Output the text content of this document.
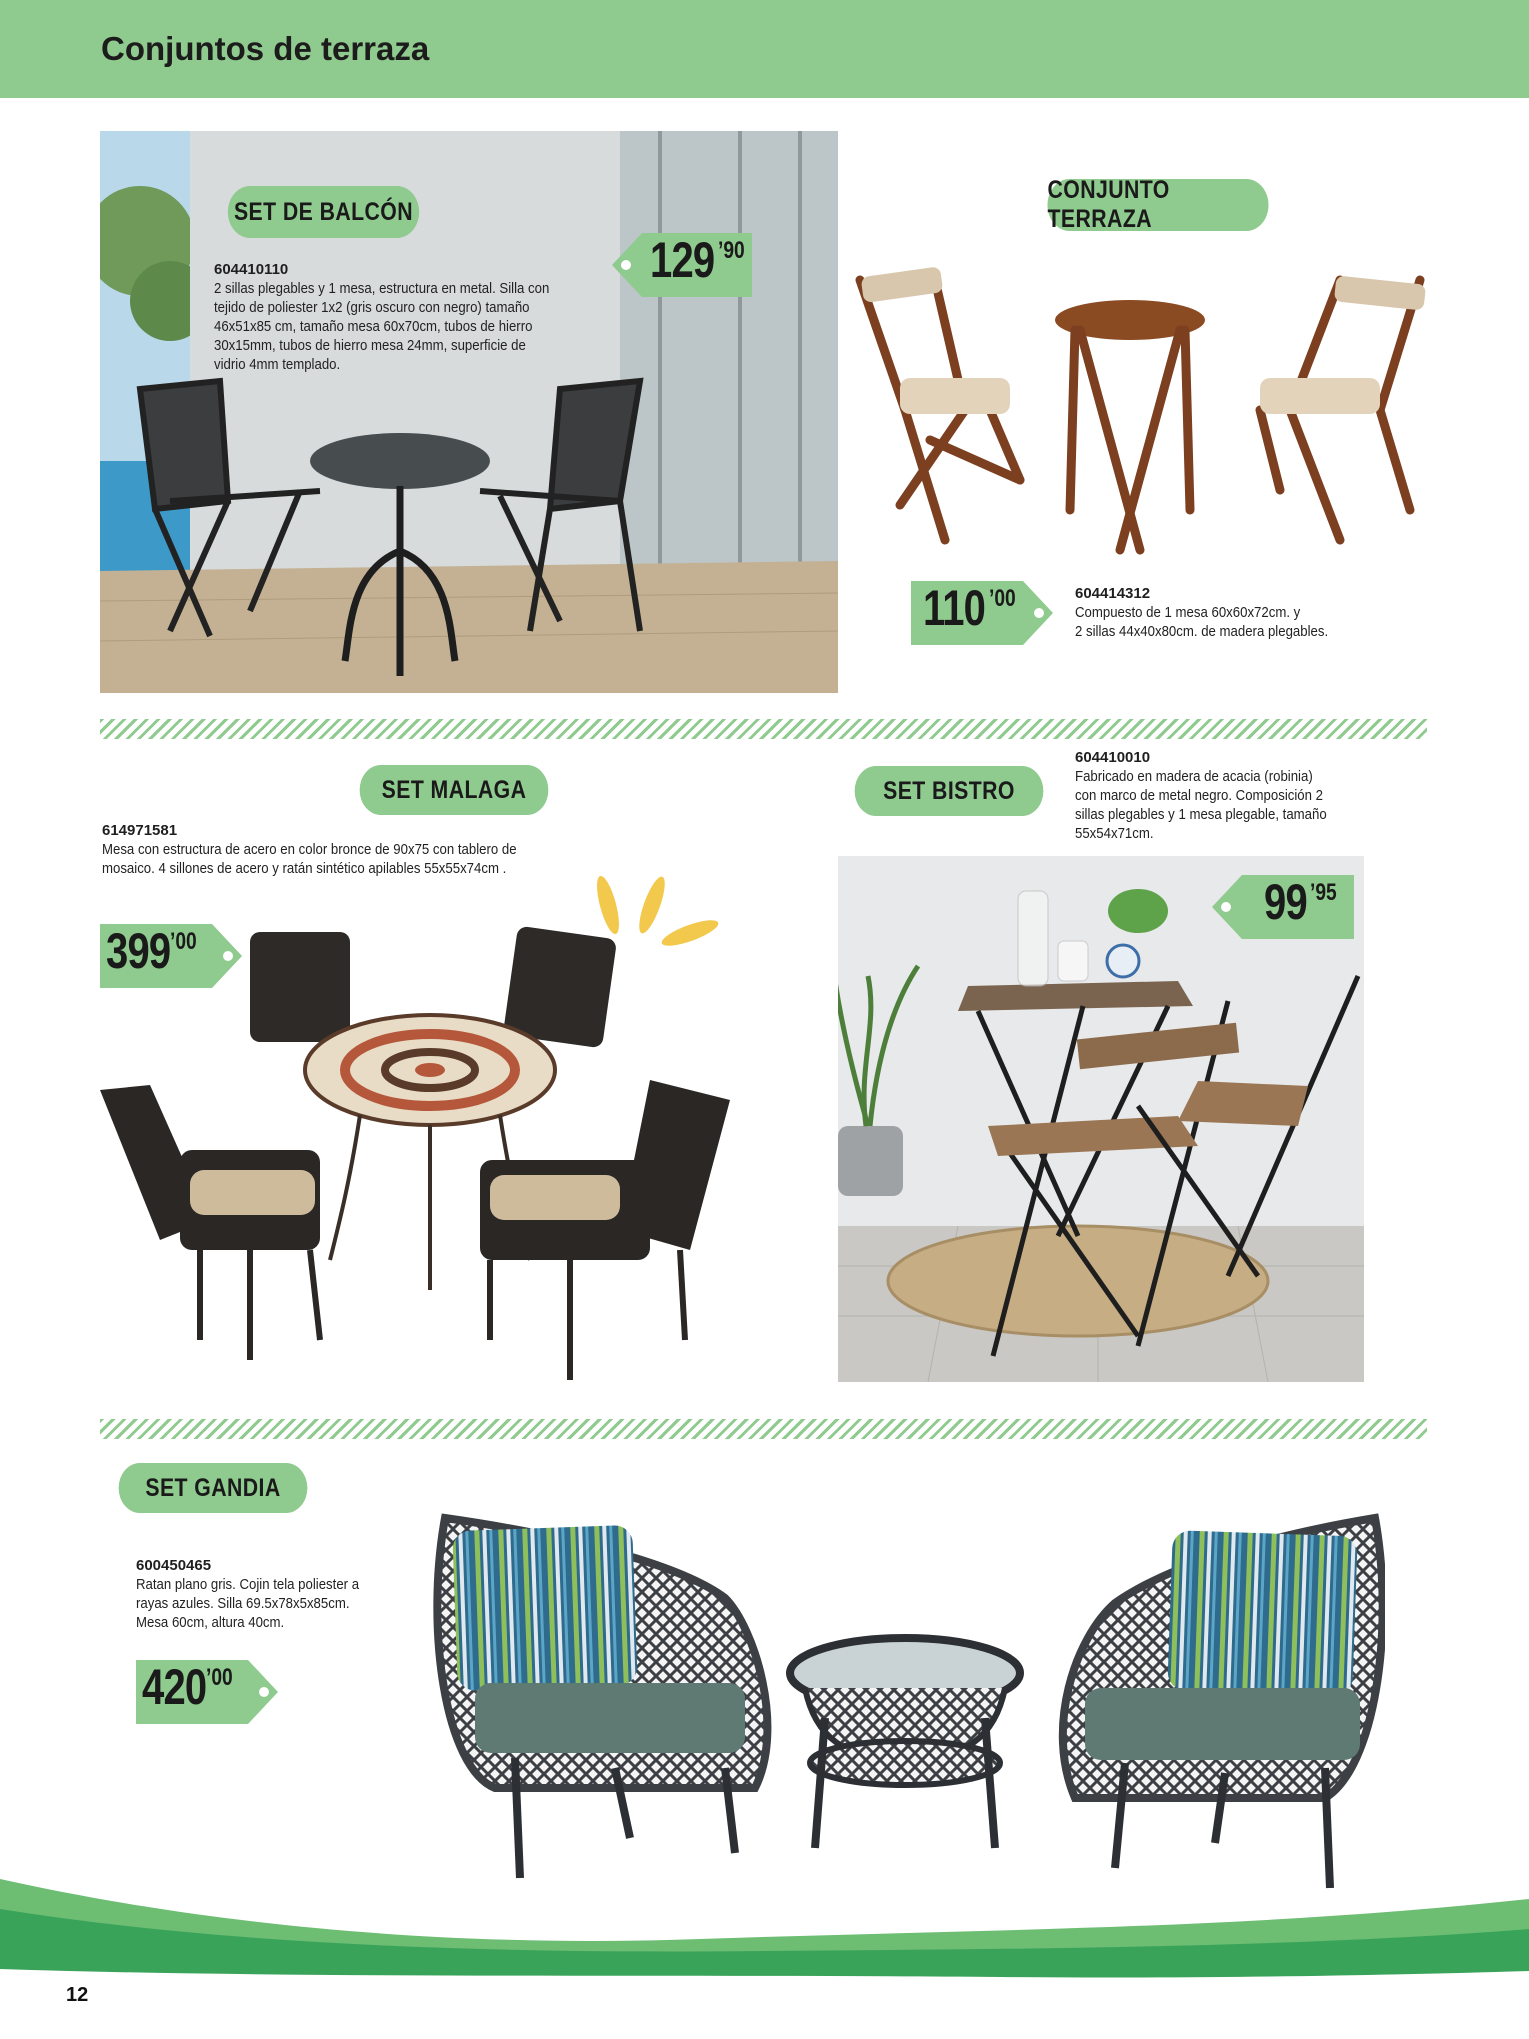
Conjuntos de terraza
SET DE BALCÓN
604410110
2 sillas plegables y 1 mesa, estructura en metal. Silla con
tejido de poliester 1x2 (gris oscuro con negro) tamaño
46x51x85 cm, tamaño mesa 60x70cm, tubos de hierro
30x15mm, tubos de hierro mesa 24mm, superficie de
vidrio 4mm templado.
129 ’90
CONJUNTO TERRAZA
110 ’00	604414312
Compuesto de 1 mesa 60x60x72cm. y
2 sillas 44x40x80cm. de madera plegables.
SET MALAGA
614971581
Mesa con estructura de acero en color bronce de 90x75 con tablero de
mosaico. 4 sillones de acero y ratán sintético apilables 55x55x74cm .
399 ’00
SET BISTRO
604410010
Fabricado en madera de acacia (robinia)
con marco de metal negro. Composición 2
sillas plegables y 1 mesa plegable, tamaño
55x54x71cm.
99 ’95
SET GANDIA
600450465
Ratan plano gris. Cojin tela poliester a
rayas azules. Silla 69.5x78x5x85cm.
Mesa 60cm, altura 40cm.
420 ’00
12
